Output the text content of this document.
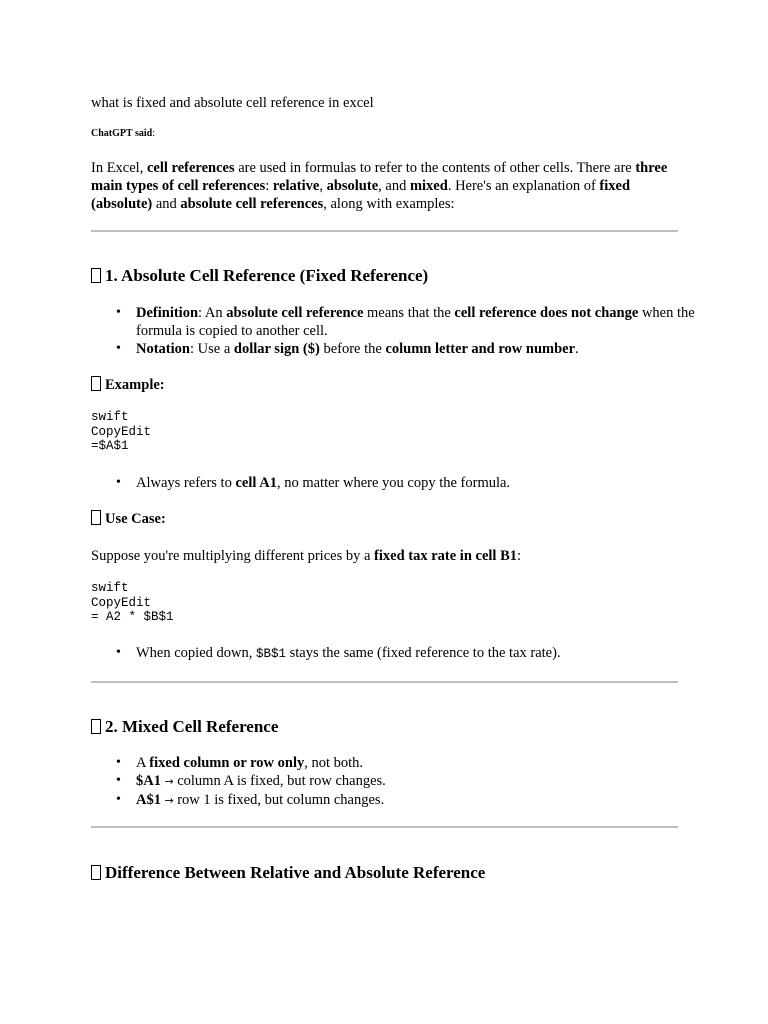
what is fixed and absolute cell reference in excel
ChatGPT said:
In Excel, cell references are used in formulas to refer to the contents of other cells. There are three main types of cell references: relative, absolute, and mixed. Here's an explanation of fixed (absolute) and absolute cell references, along with examples:
1. Absolute Cell Reference (Fixed Reference)
• Definition: An absolute cell reference means that the cell reference does not change when the formula is copied to another cell.
• Notation: Use a dollar sign ($) before the column letter and row number.
Example:
swift
CopyEdit
=$A$1
• Always refers to cell A1, no matter where you copy the formula.
Use Case:
Suppose you're multiplying different prices by a fixed tax rate in cell B1:
swift
CopyEdit
= A2 * $B$1
• When copied down, $B$1 stays the same (fixed reference to the tax rate).
2. Mixed Cell Reference
• A fixed column or row only, not both.
• $A1 → column A is fixed, but row changes.
• A$1 → row 1 is fixed, but column changes.
Difference Between Relative and Absolute Reference
